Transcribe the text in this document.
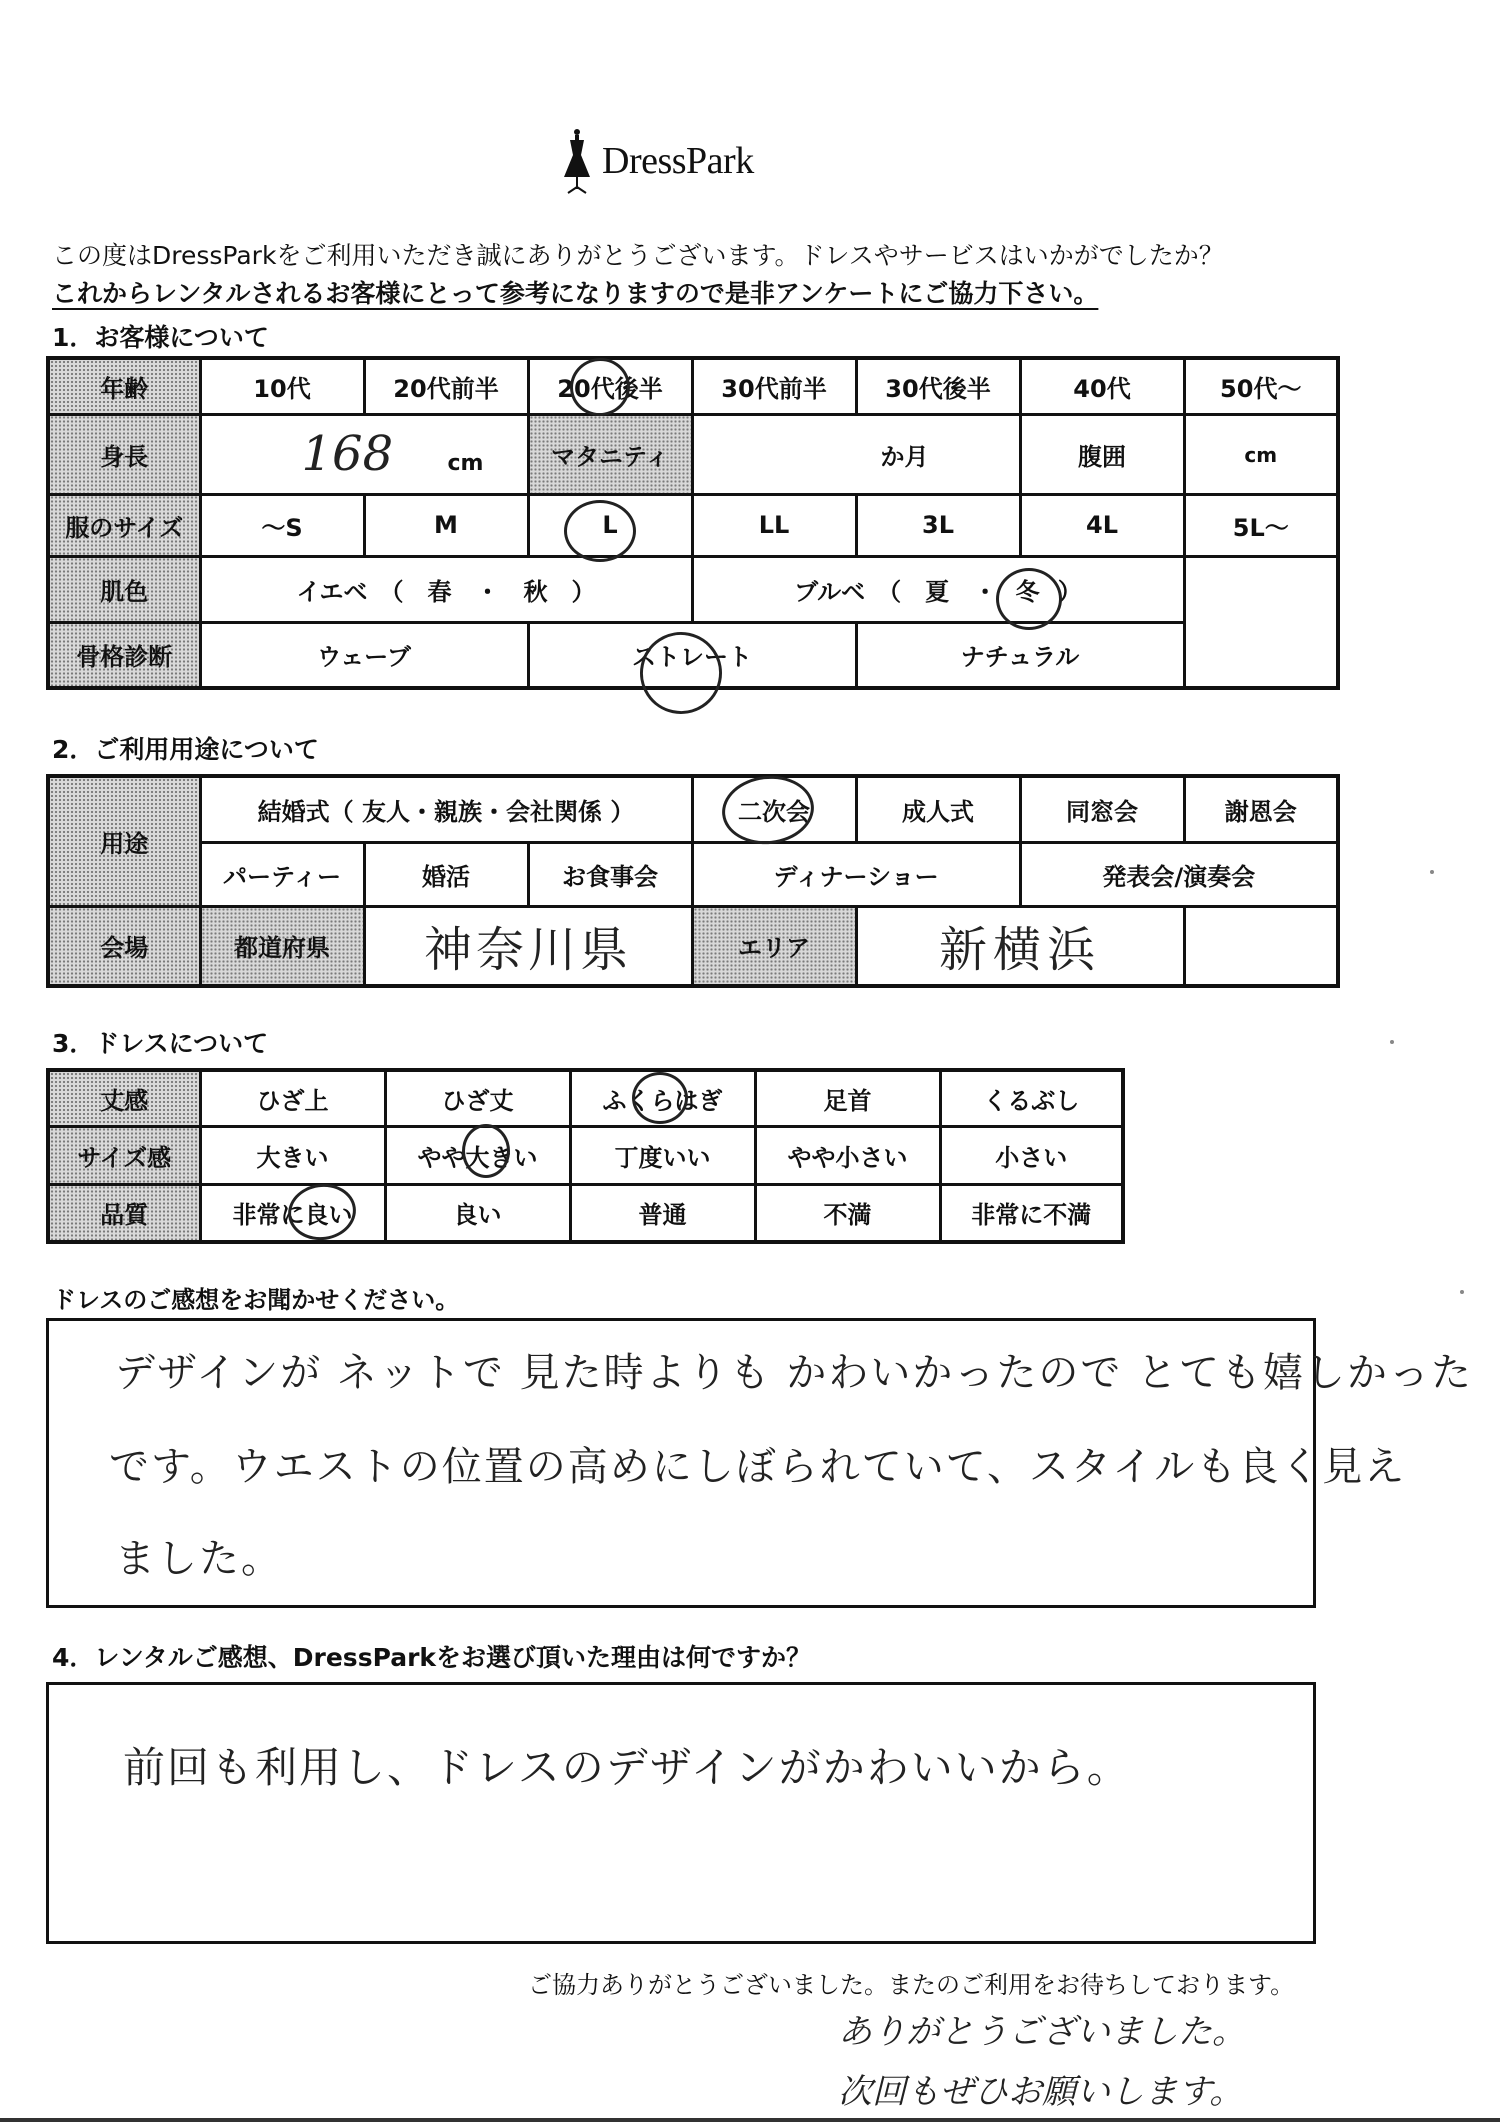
DressPark
この度はDressParkをご利用いただき誠にありがとうございます。ドレスやサービスはいかがでしたか？
これからレンタルされるお客様にとって参考になりますので是非アンケートにご協力下さい。
1．お客様について
年齢	10代	20代前半	20代後半	30代前半	30代後半	40代	50代～
身長	168 cm		マタニティ	か月		腹囲	cm
服のサイズ	～S	M	L	LL	3L	4L	5L～
肌色	イエベ　（　春　・　秋　）			ブルベ　（　夏　・ 冬 ）			
骨格診断	ウェーブ		ストレート		ナチュラル		
2．ご利用用途について
用途	結婚式（ 友人・親族・会社関係 ）			二次会	成人式	同窓会	謝恩会
	パーティー	婚活	お食事会	ディナーショー		発表会/演奏会	
会場	都道府県	神奈川県		エリア	新横浜		
3．ドレスについて
丈感	ひざ上	ひざ丈	ふくらはぎ	足首	くるぶし
サイズ感	大きい	やや大きい	丁度いい	やや小さい	小さい
品質	非常に良い	良い	普通	不満	非常に不満
ドレスのご感想をお聞かせください。
デザインが ネットで 見た時よりも かわいかったので とても嬉しかった
です。ウエストの位置の高めにしぼられていて、スタイルも良く見え
ました。
4．レンタルご感想、DressParkをお選び頂いた理由は何ですか？
前回も利用し、ドレスのデザインがかわいいから。
ご協力ありがとうございました。またのご利用をお待ちしております。
ありがとうございました。
次回もぜひお願いします。
